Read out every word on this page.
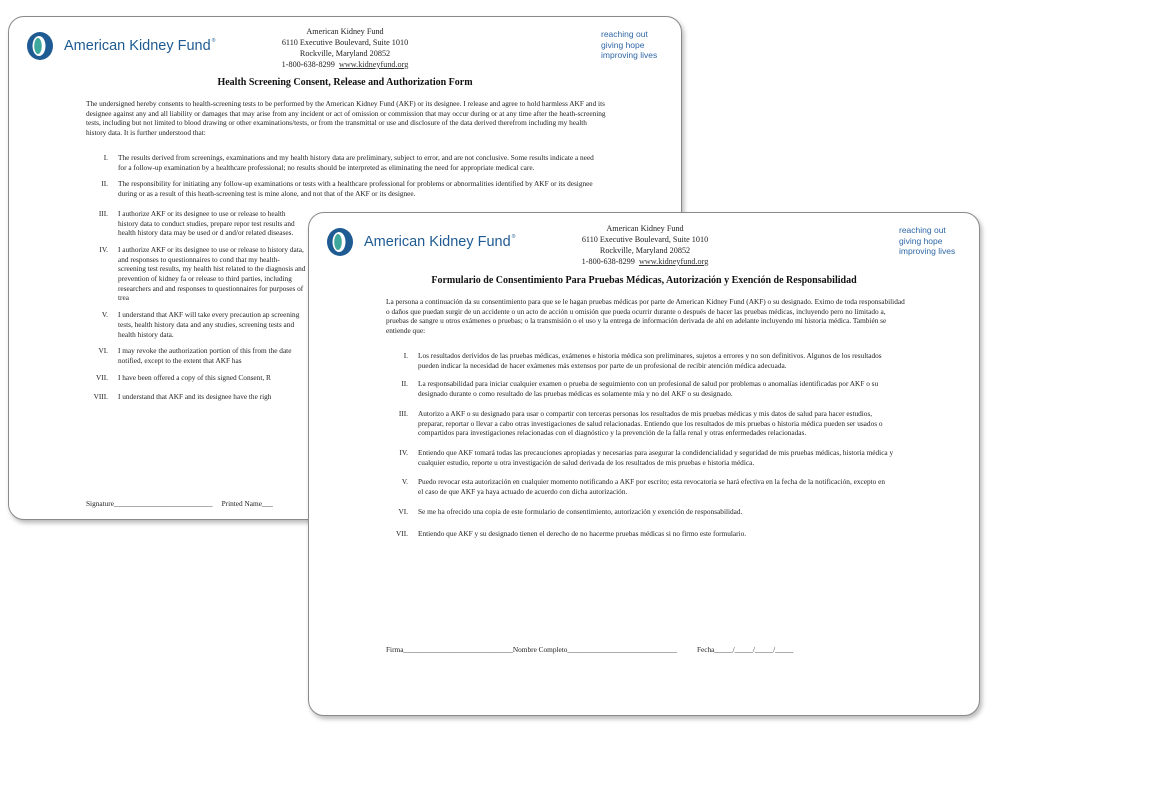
American Kidney Fund®
American Kidney Fund
6110 Executive Boulevard, Suite 1010
Rockville, Maryland 20852
1-800-638-8299 www.kidneyfund.org
reaching out
giving hope
improving lives
Health Screening Consent, Release and Authorization Form
The undersigned hereby consents to health-screening tests to be performed by the American Kidney Fund (AKF) or its designee. I release and agree to hold harmless AKF and its designee against any and all liability or damages that may arise from any incident or act of omission or commission that may occur during or at any time after the heath-screening tests, including but not limited to blood drawing or other examinations/tests, or from the transmittal or use and disclosure of the data derived therefrom including my health history data. It is further understood that:
I.	The results derived from screenings, examinations and my health history data are preliminary, subject to error, and are not conclusive. Some results indicate a need for a follow-up examination by a healthcare professional; no results should be interpreted as eliminating the need for appropriate medical care.
II.	The responsibility for initiating any follow-up examinations or tests with a healthcare professional for problems or abnormalities identified by AKF or its designee during or as a result of this heath-screening test is mine alone, and not that of the AKF or its designee.
III.	I authorize AKF or its designee to use or release to health history data to conduct studies, prepare repor test results and health history data may be used or d and/or related diseases.
IV.	I authorize AKF or its designee to use or release to history data, and responses to questionnaires to cond that my health-screening test results, my health hist related to the diagnosis and prevention of kidney fa or release to third parties, including researchers and and responses to questionnaires for purposes of trea
V.	I understand that AKF will take every precaution ap screening tests, health history data and any studies, screening tests and health history data.
VI.	I may revoke the authorization portion of this from the date notified, except to the extent that AKF has
VII.	I have been offered a copy of this signed Consent, R
VIII.	I understand that AKF and its designee have the righ
Signature___________________________ Printed Name___
American Kidney Fund®
American Kidney Fund
6110 Executive Boulevard, Suite 1010
Rockville, Maryland 20852
1-800-638-8299 www.kidneyfund.org
reaching out
giving hope
improving lives
Formulario de Consentimiento Para Pruebas Médicas, Autorización y Exención de Responsabilidad
La persona a continuación da su consentimiento para que se le hagan pruebas médicas por parte de American Kidney Fund (AKF) o su designado. Eximo de toda responsabilidad o daños que puedan surgir de un accidente o un acto de acción u omisión que pueda ocurrir durante o después de hacer las pruebas médicas, incluyendo pero no limitado a, pruebas de sangre u otros exámenes o pruebas; o la transmisión o el uso y la entrega de información derivada de ahí en adelante incluyendo mi historia médica. También se entiende que:
I.	Los resultados derividos de las pruebas médicas, exámenes e historia médica son preliminares, sujetos a errores y no son definitivos. Algunos de los resultados pueden indicar la necesidad de hacer exámenes más extensos por parte de un profesional de recibir atención médica adecuada.
II.	La responsabilidad para iniciar cualquier examen o prueba de seguimiento con un profesional de salud por problemas o anomalías identificadas por AKF o su designado durante o como resultado de las pruebas médicas es solamente mía y no del AKF o su designado.
III.	Autorizo a AKF o su designado para usar o compartir con terceras personas los resultados de mis pruebas médicas y mis datos de salud para hacer estudios, preparar, reportar o llevar a cabo otras investigaciones de salud relacionadas. Entiendo que los resultados de mis pruebas o historia médica pueden ser usados o compartidos para investigaciones relacionadas con el diagnóstico y la prevención de la falla renal y otras enfermedades relacionadas.
IV.	Entiendo que AKF tomará todas las precauciones apropiadas y necesarias para asegurar la condidencialidad y seguridad de mis pruebas médicas, historia médica y cualquier estudio, reporte u otra investigación de salud derivada de los resultados de mis pruebas e historia médica.
V.	Puedo revocar esta autorización en cualquier momento notificando a AKF por escrito; esta revocatoria se hará efectiva en la fecha de la notificación, excepto en el caso de que AKF ya haya actuado de acuerdo con dicha autorización.
VI.	Se me ha ofrecido una copia de este formulario de consentimiento, autorización y exención de responsabilidad.
VII.	Entiendo que AKF y su designado tienen el derecho de no hacerme pruebas médicas si no firmo este formulario.
Firma______________________________Nombre Completo______________________________	Fecha_____/_____/_____/_____
